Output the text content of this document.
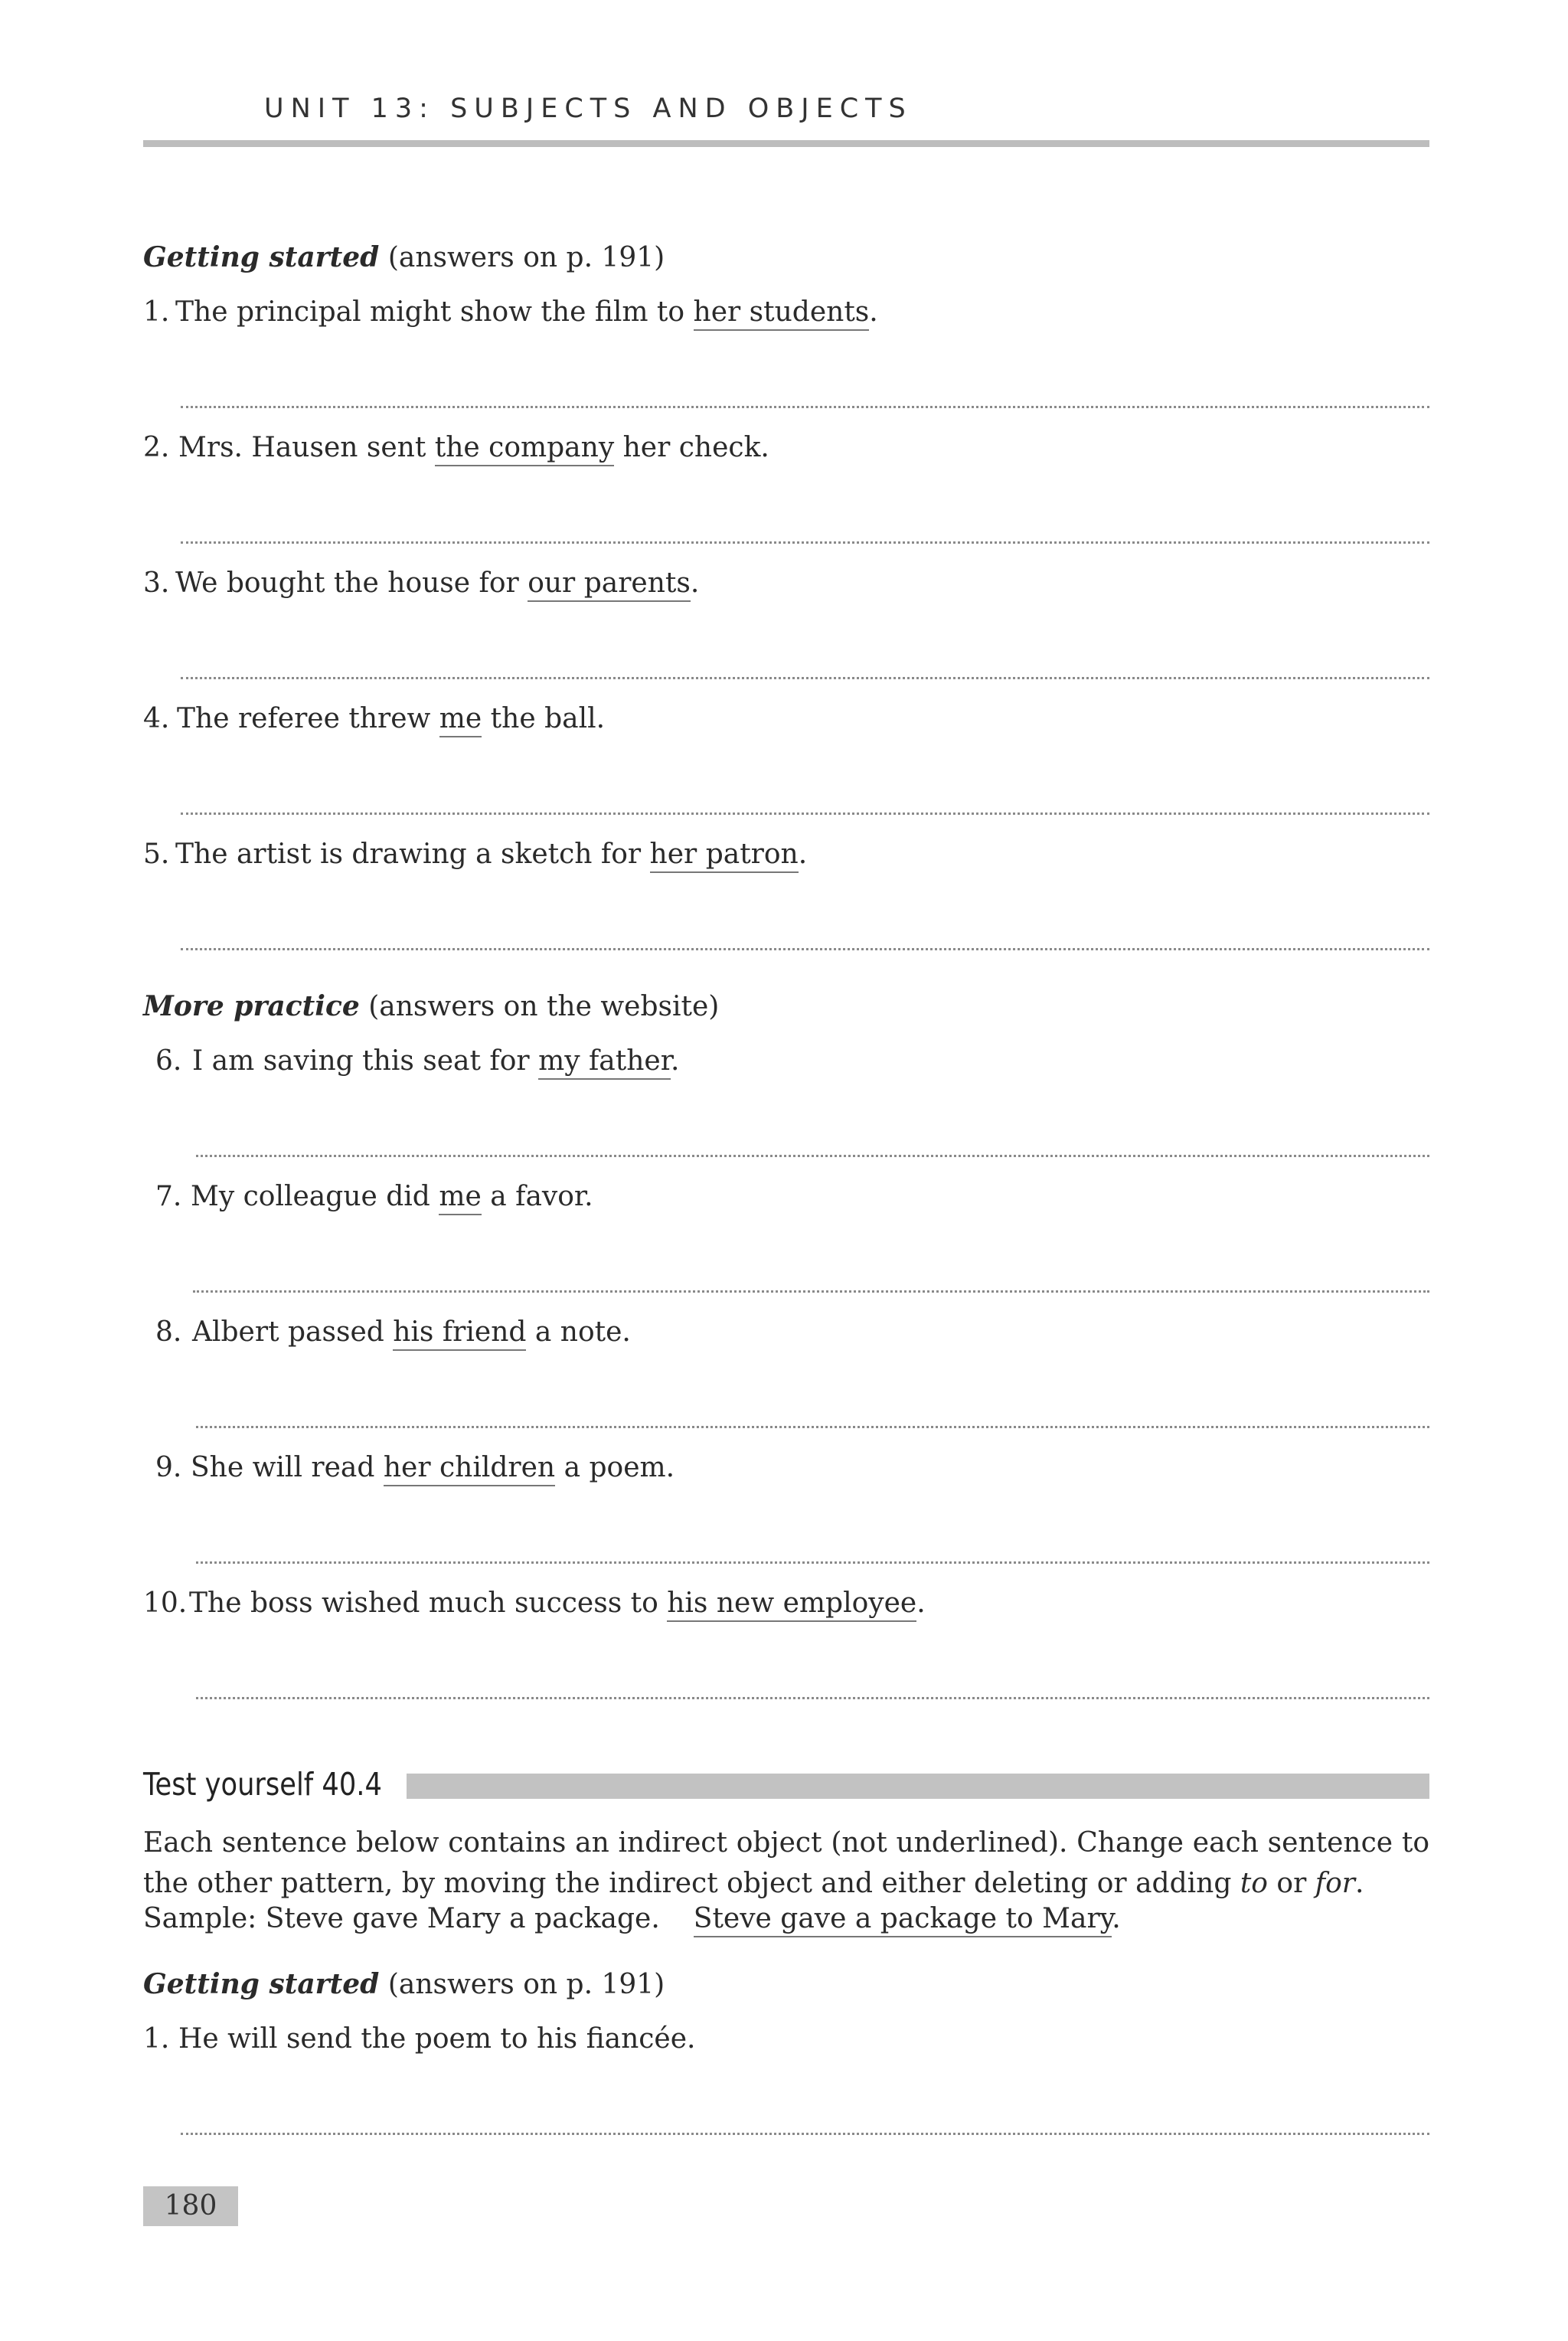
UNIT 13: SUBJECTS AND OBJECTS
Getting started (answers on p. 191)
1. The principal might show the film to her students.
2. Mrs. Hausen sent the company her check.
3. We bought the house for our parents.
4. The referee threw me the ball.
5. The artist is drawing a sketch for her patron.
More practice (answers on the website)
6. I am saving this seat for my father.
7. My colleague did me a favor.
8. Albert passed his friend a note.
9. She will read her children a poem.
10.The boss wished much success to his new employee.
Test yourself 40.4
Each sentence below contains an indirect object (not underlined). Change each sentence to the other pattern, by moving the indirect object and either deleting or adding to or for.
Sample: Steve gave Mary a package. Steve gave a package to Mary.
Getting started (answers on p. 191)
1. He will send the poem to his fiancée.
180
